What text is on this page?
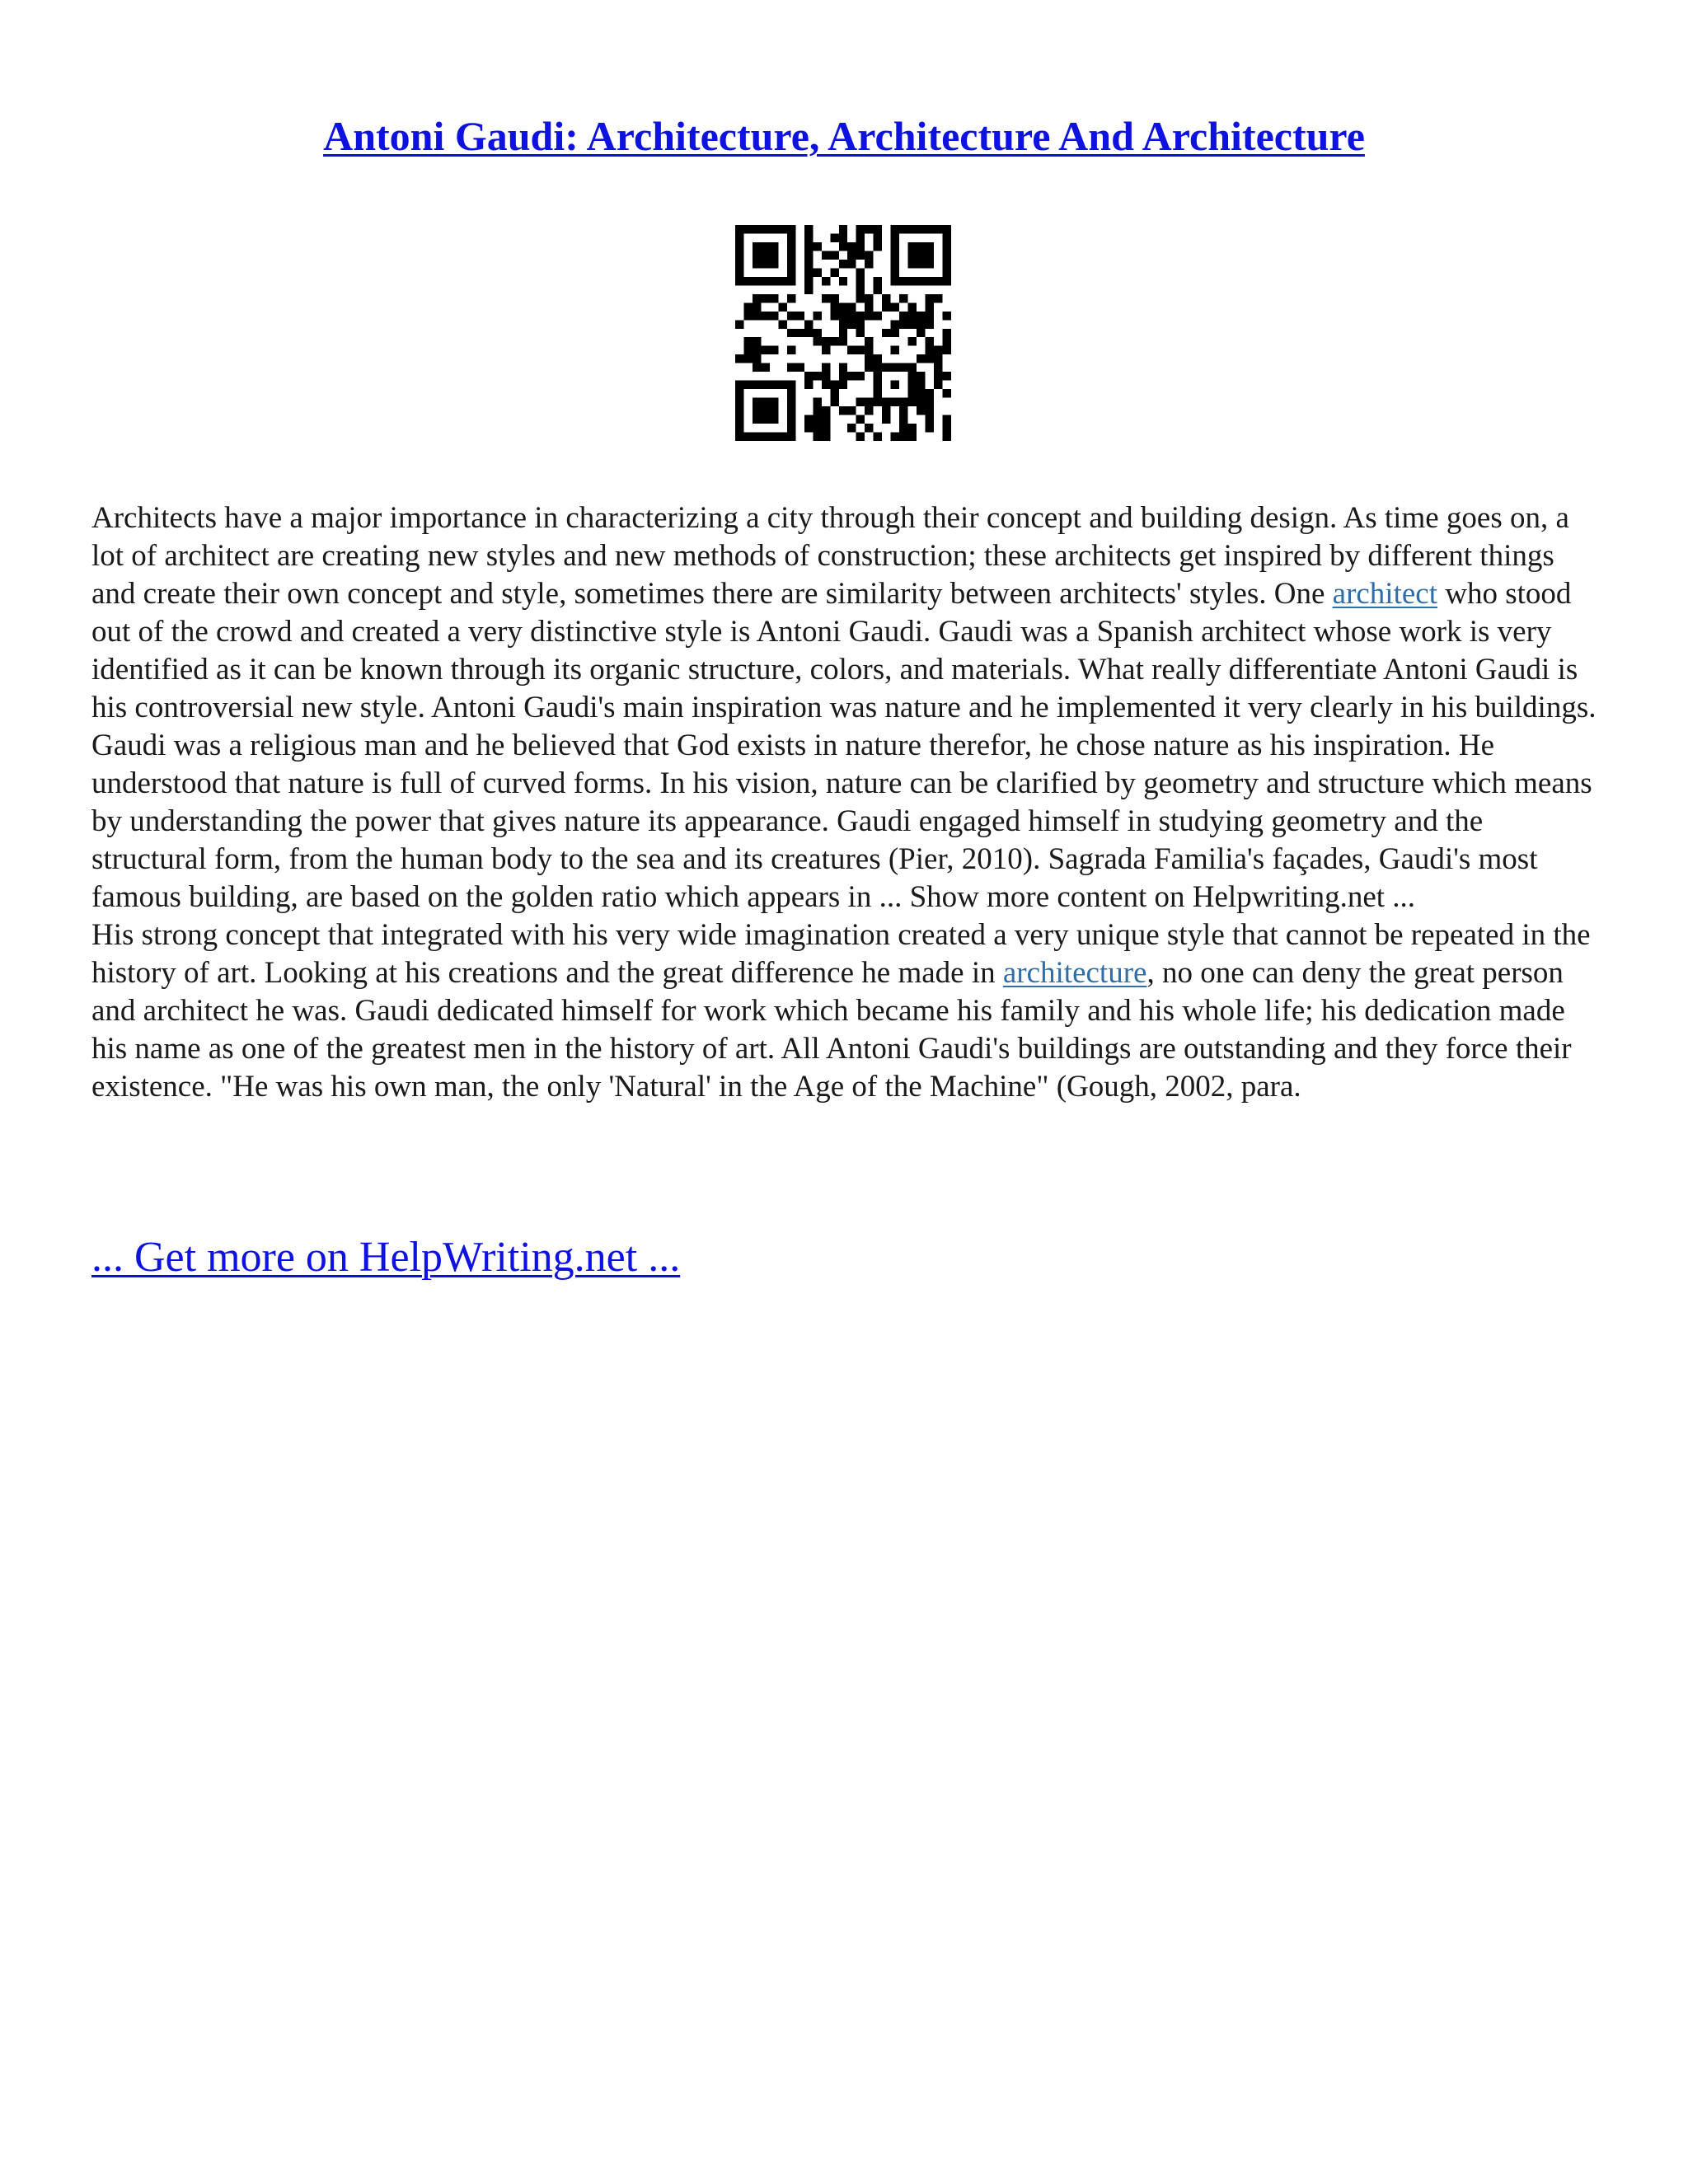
Antoni Gaudi: Architecture, Architecture And Architecture

Architects have a major importance in characterizing a city through their concept and building design. As time goes on, a lot of architect are creating new styles and new methods of construction; these architects get inspired by different things and create their own concept and style, sometimes there are similarity between architects' styles. One architect who stood out of the crowd and created a very distinctive style is Antoni Gaudi. Gaudi was a Spanish architect whose work is very identified as it can be known through its organic structure, colors, and materials. What really differentiate Antoni Gaudi is his controversial new style. Antoni Gaudi's main inspiration was nature and he implemented it very clearly in his buildings. Gaudi was a religious man and he believed that God exists in nature therefor, he chose nature as his inspiration. He understood that nature is full of curved forms. In his vision, nature can be clarified by geometry and structure which means by understanding the power that gives nature its appearance. Gaudi engaged himself in studying geometry and the structural form, from the human body to the sea and its creatures (Pier, 2010). Sagrada Familia's façades, Gaudi's most famous building, are based on the golden ratio which appears in ... Show more content on Helpwriting.net ...

His strong concept that integrated with his very wide imagination created a very unique style that cannot be repeated in the history of art. Looking at his creations and the great difference he made in architecture, no one can deny the great person and architect he was. Gaudi dedicated himself for work which became his family and his whole life; his dedication made his name as one of the greatest men in the history of art. All Antoni Gaudi's buildings are outstanding and they force their existence. "He was his own man, the only 'Natural' in the Age of the Machine" (Gough, 2002, para.

... Get more on HelpWriting.net ...
